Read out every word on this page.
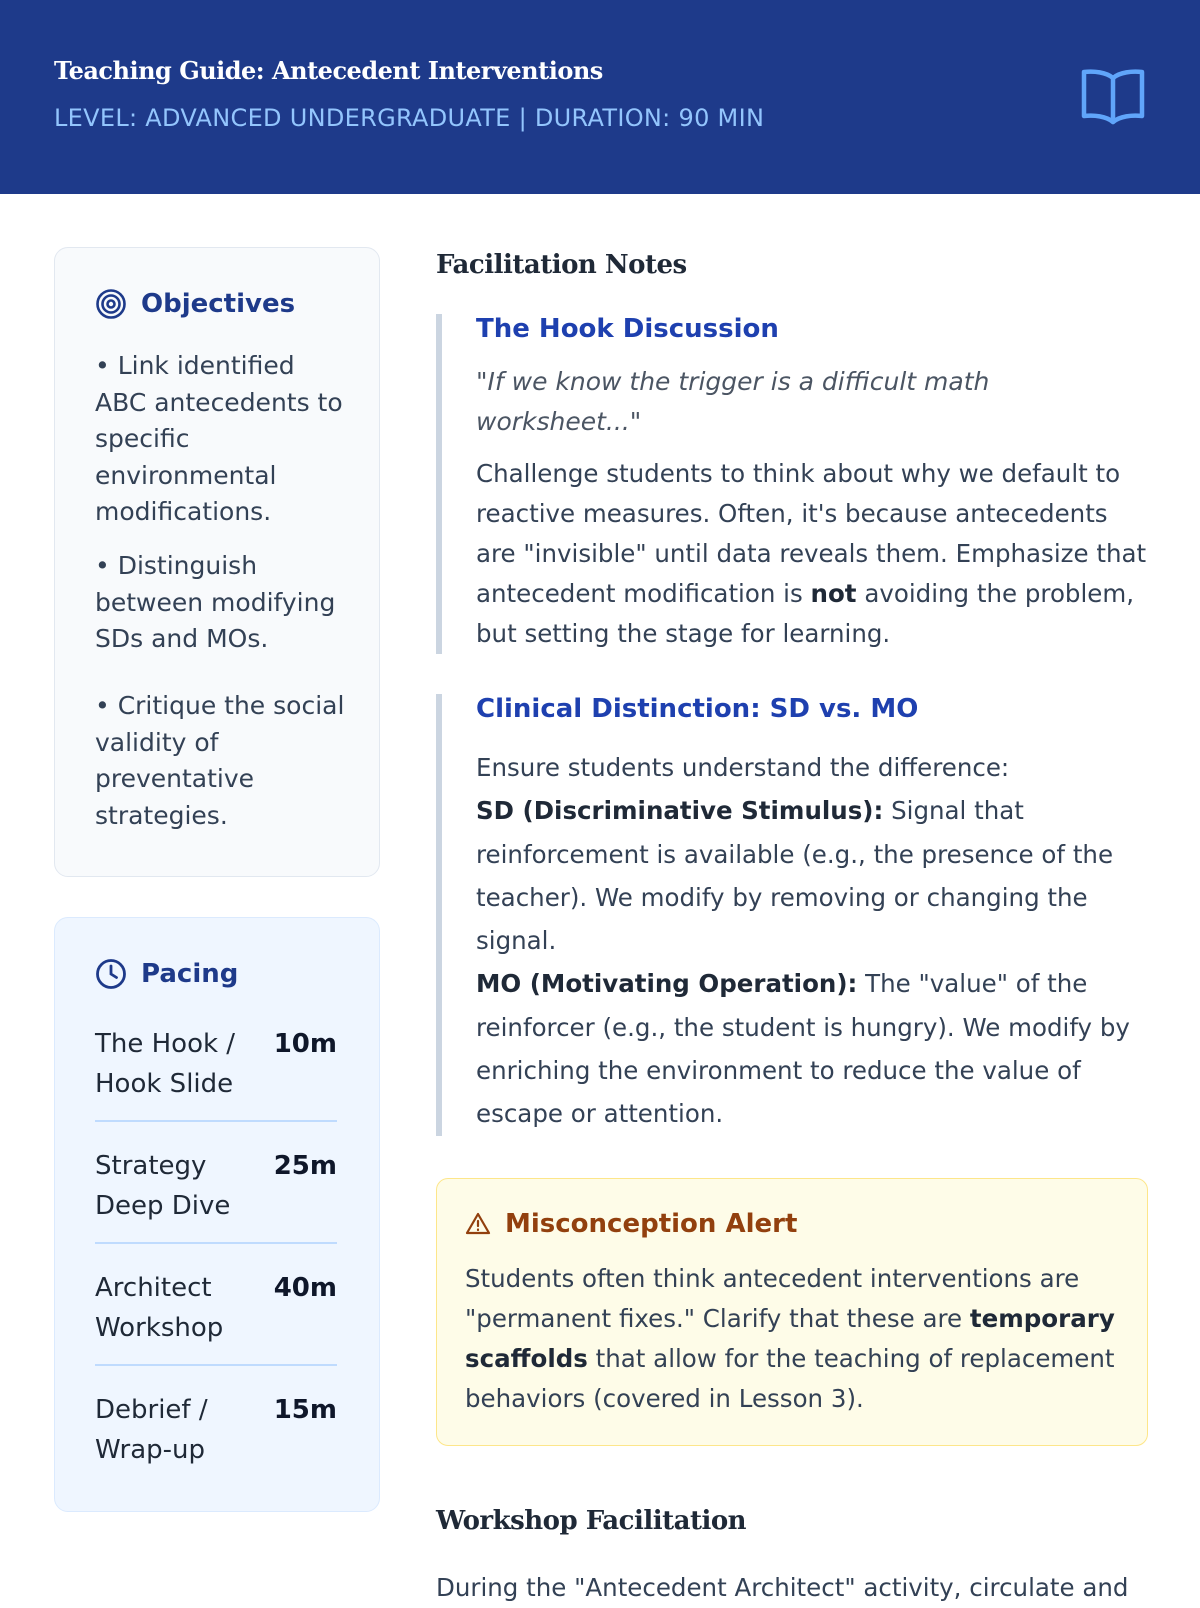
Teaching Guide: Antecedent Interventions
LEVEL: ADVANCED UNDERGRADUATE | DURATION: 90 MIN
Objectives
• Link identified ABC antecedents to specific environmental modifications.
• Distinguish between modifying SDs and MOs.
• Critique the social validity of preventative strategies.
Pacing
The Hook / Hook Slide
10m
Strategy Deep Dive
25m
Architect Workshop
40m
Debrief / Wrap-up
15m
Facilitation Notes
The Hook Discussion
"If we know the trigger is a difficult math worksheet..."
Challenge students to think about why we default to reactive measures. Often, it's because antecedents are "invisible" until data reveals them. Emphasize that antecedent modification is not avoiding the problem, but setting the stage for learning.
Clinical Distinction: SD vs. MO
Ensure students understand the difference:
SD (Discriminative Stimulus): Signal that reinforcement is available (e.g., the presence of the teacher). We modify by removing or changing the signal.
MO (Motivating Operation): The "value" of the reinforcer (e.g., the student is hungry). We modify by enriching the environment to reduce the value of escape or attention.
Misconception Alert
Students often think antecedent interventions are "permanent fixes." Clarify that these are temporary scaffolds that allow for the teaching of replacement behaviors (covered in Lesson 3).
Workshop Facilitation
During the "Antecedent Architect" activity, circulate and
